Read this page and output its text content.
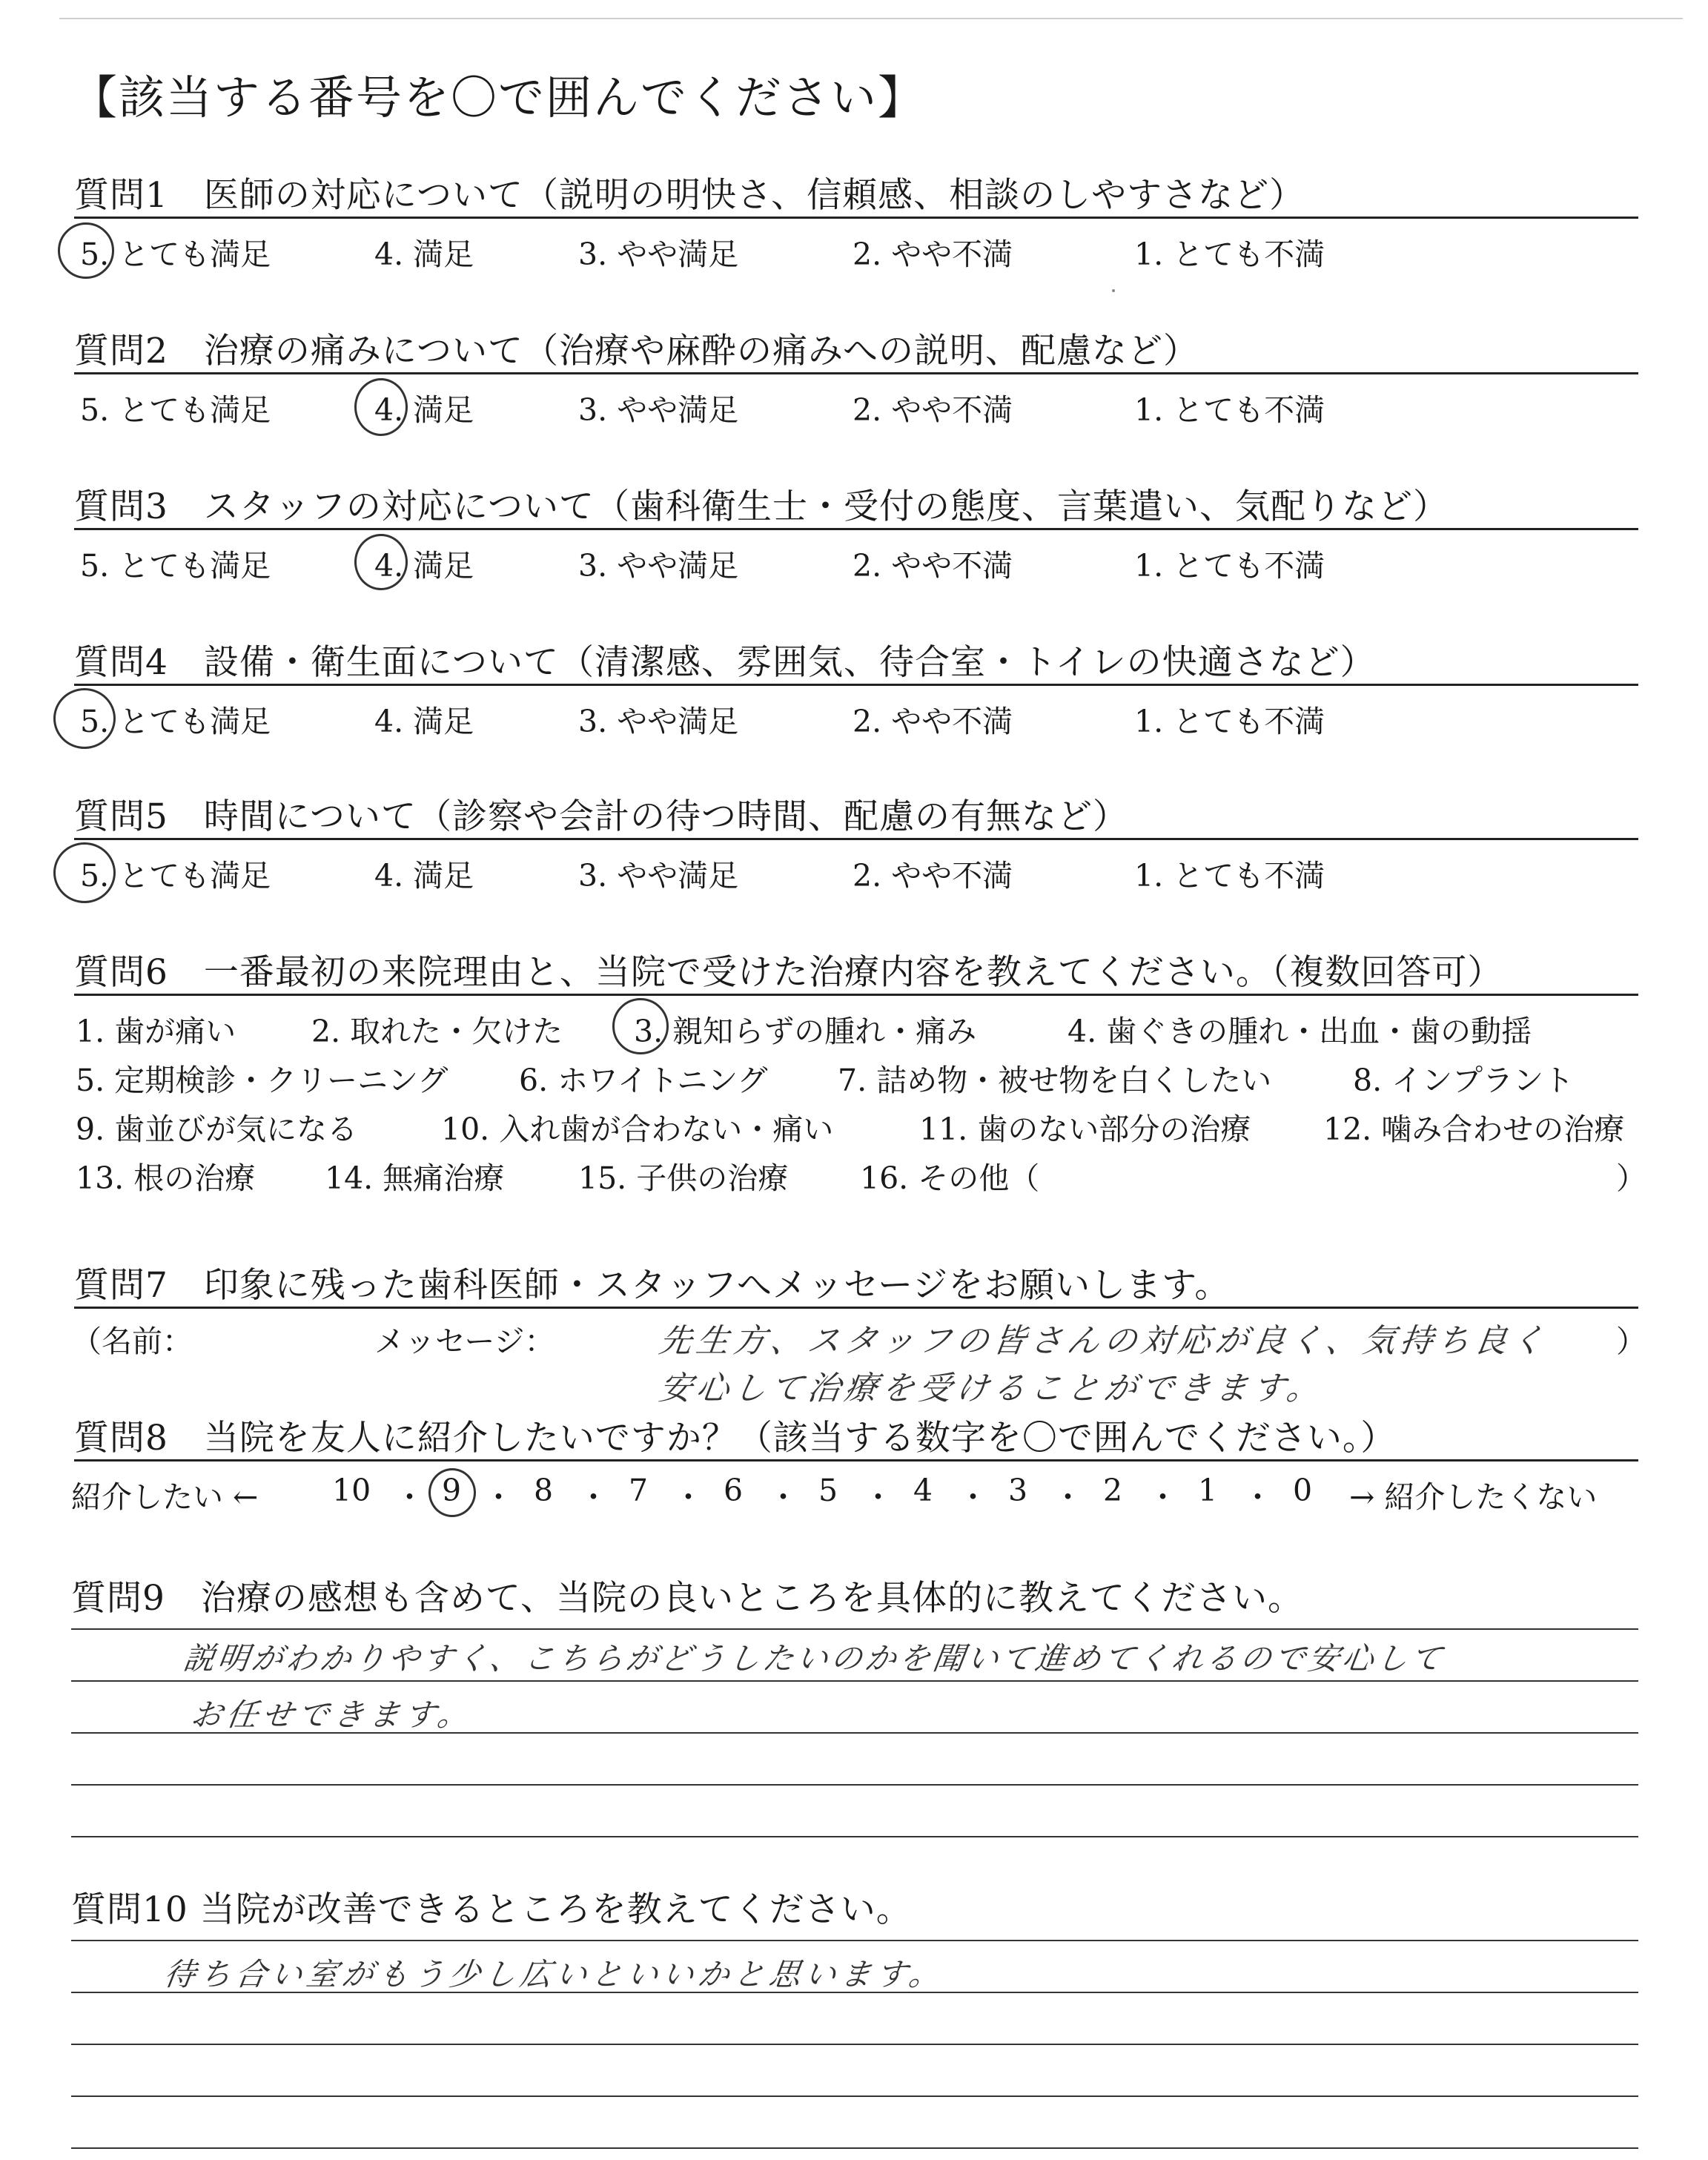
【該当する番号を〇で囲んでください】
質問1　医師の対応について（説明の明快さ、信頼感、相談のしやすさなど）
5. とても満足	4. 満足	3. やや満足	2. やや不満	1. とても不満
質問2　治療の痛みについて（治療や麻酔の痛みへの説明、配慮など）
5. とても満足	4. 満足	3. やや満足	2. やや不満	1. とても不満
質問3　スタッフの対応について（歯科衛生士・受付の態度、言葉遣い、気配りなど）
5. とても満足	4. 満足	3. やや満足	2. やや不満	1. とても不満
質問4　設備・衛生面について（清潔感、雰囲気、待合室・トイレの快適さなど）
5. とても満足	4. 満足	3. やや満足	2. やや不満	1. とても不満
質問5　時間について（診察や会計の待つ時間、配慮の有無など）
5. とても満足	4. 満足	3. やや満足	2. やや不満	1. とても不満
質問6　一番最初の来院理由と、当院で受けた治療内容を教えてください。（複数回答可）
1. 歯が痛い 2. 取れた・欠けた 3. 親知らずの腫れ・痛み	4. 歯ぐきの腫れ・出血・歯の動揺
5. 定期検診・クリーニング 6. ホワイトニング 7. 詰め物・被せ物を白くしたい	8. インプラント
9. 歯並びが気になる	10. 入れ歯が合わない・痛い	11. 歯のない部分の治療 12. 噛み合わせの治療
13. 根の治療 14. 無痛治療 15. 子供の治療 16. その他（	）
質問7　印象に残った歯科医師・スタッフへメッセージをお願いします。
（名前：	メッセージ：	）
先生方、スタッフの皆さんの対応が良く、気持ち良く
安心して治療を受けることができます。
質問8　当院を友人に紹介したいですか？（該当する数字を〇で囲んでください。）
紹介したい ← 10 ・ 9 ・ 8 ・ 7 ・ 6 ・ 5 ・ 4 ・ 3 ・ 2 ・ 1 ・ 0 → 紹介したくない
質問9　治療の感想も含めて、当院の良いところを具体的に教えてください。
説明がわかりやすく、こちらがどうしたいのかを聞いて進めてくれるので安心して
お任せできます。
質問10 当院が改善できるところを教えてください。
待ち合い室がもう少し広いといいかと思います。
